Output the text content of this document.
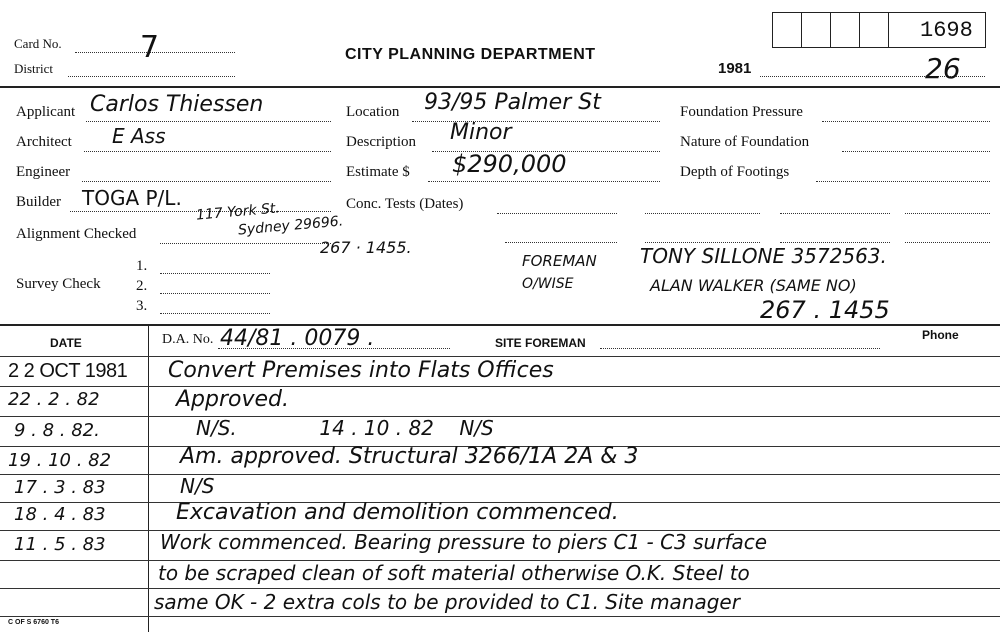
Card No.	7
District
CITY PLANNING DEPARTMENT
1981	26
1698
Applicant Carlos Thiessen
Architect E Ass
Engineer
Builder TOGA P/L.
117 York St.
Sydney 29696.
267 · 1455.
Alignment Checked
1.
Survey Check 2.
3.
Location 93/95 Palmer St
Description Minor
Estimate $ $290,000
Conc. Tests (Dates)
Foundation Pressure
Nature of Foundation
Depth of Footings
FOREMAN TONY SILLONE 3572563.
O/WISE	ALAN WALKER (SAME NO)
267 . 1455
DATE	D.A. No. 44/81 . 0079 .	SITE FOREMAN
Phone
2 2 OCT 1981 Convert Premises into Flats Offices
22 . 2 . 82	Approved.
9 . 8 . 82.	N/S.             14 . 10 . 82    N/S
19 . 10 . 82	Am. approved. Structural 3266/1A 2A & 3
17 . 3 . 83	N/S
18 . 4 . 83	Excavation and demolition commenced.
11 . 5 . 83	Work commenced. Bearing pressure to piers C1 - C3 surface
to be scraped clean of soft material otherwise O.K. Steel to
same OK - 2 extra cols to be provided to C1. Site manager
C OF S 6760 T6
